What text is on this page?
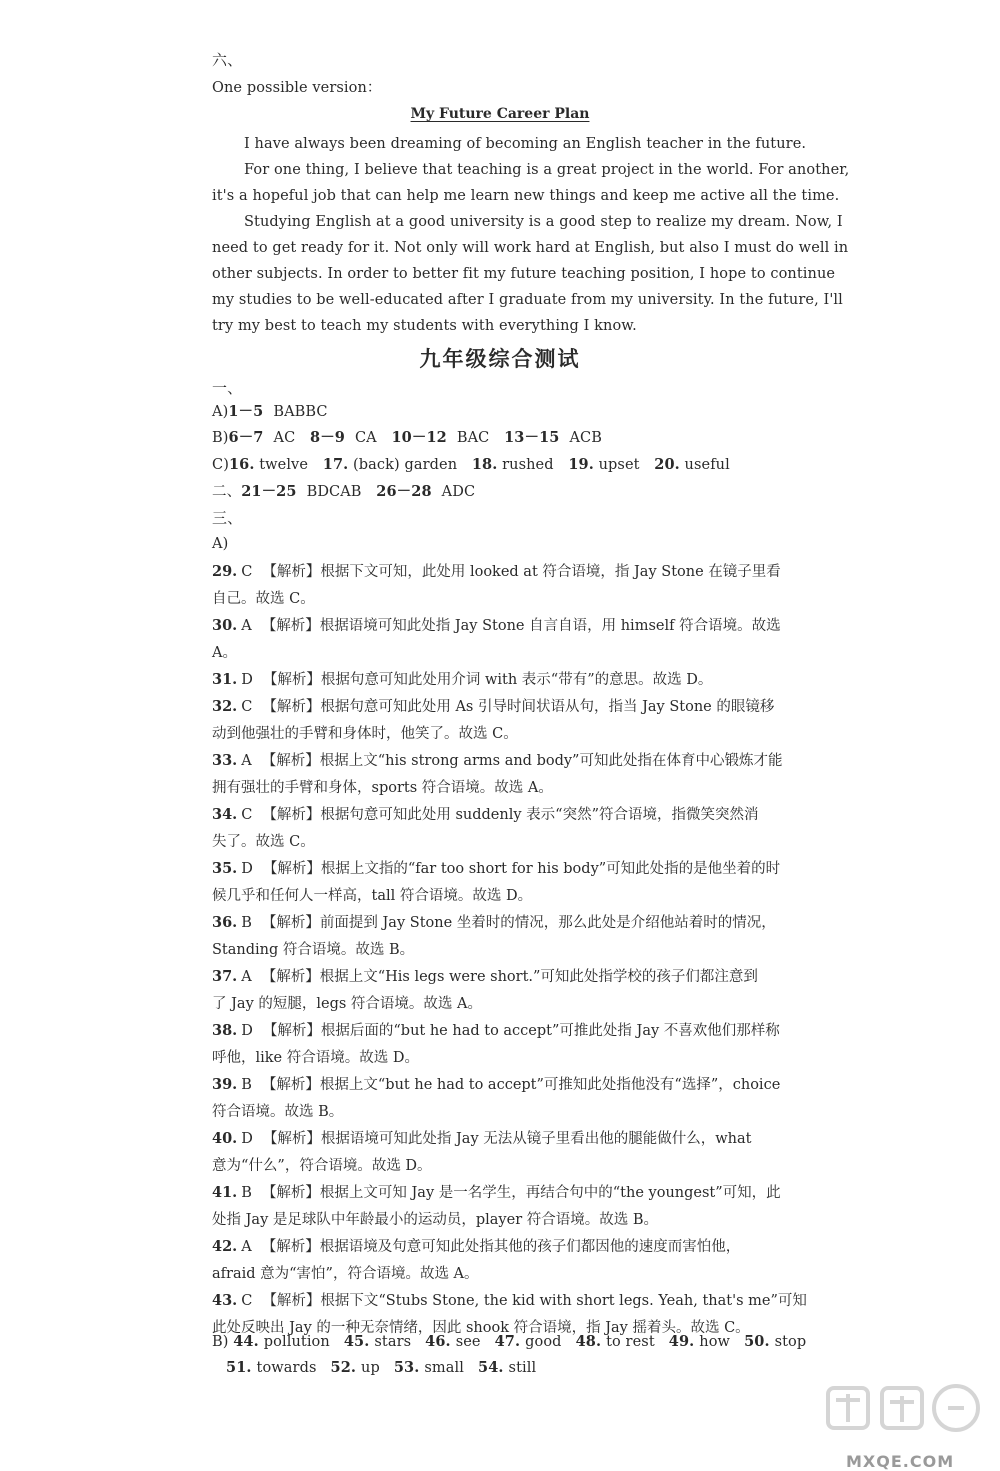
六、
One possible version：
My Future Career Plan
I have always been dreaming of becoming an English teacher in the future.
For one thing, I believe that teaching is a great project in the world. For another,
it's a hopeful job that can help me learn new things and keep me active all the time.
Studying English at a good university is a good step to realize my dream. Now, I
need to get ready for it. Not only will work hard at English, but also I must do well in
other subjects. In order to better fit my future teaching position, I hope to continue
my studies to be well-educated after I graduate from my university. In the future, I'll
try my best to teach my students with everything I know.
九年级综合测试
一、
A)1－5 BABBC
B)6－7 AC 8－9 CA 10－12 BAC 13－15 ACB
C)16. twelve 17. (back) garden 18. rushed 19. upset 20. useful
二、21－25 BDCAB 26－28 ADC
三、
A)
29. C 【解析】根据下文可知，此处用 looked at 符合语境，指 Jay Stone 在镜子里看
自己。故选 C。
30. A 【解析】根据语境可知此处指 Jay Stone 自言自语，用 himself 符合语境。故选
A。
31. D 【解析】根据句意可知此处用介词 with 表示“带有”的意思。故选 D。
32. C 【解析】根据句意可知此处用 As 引导时间状语从句，指当 Jay Stone 的眼镜移
动到他强壮的手臂和身体时，他笑了。故选 C。
33. A 【解析】根据上文“his strong arms and body”可知此处指在体育中心锻炼才能
拥有强壮的手臂和身体，sports 符合语境。故选 A。
34. C 【解析】根据句意可知此处用 suddenly 表示“突然”符合语境，指微笑突然消
失了。故选 C。
35. D 【解析】根据上文指的“far too short for his body”可知此处指的是他坐着的时
候几乎和任何人一样高，tall 符合语境。故选 D。
36. B 【解析】前面提到 Jay Stone 坐着时的情况，那么此处是介绍他站着时的情况，
Standing 符合语境。故选 B。
37. A 【解析】根据上文“His legs were short.”可知此处指学校的孩子们都注意到
了 Jay 的短腿，legs 符合语境。故选 A。
38. D 【解析】根据后面的“but he had to accept”可推此处指 Jay 不喜欢他们那样称
呼他，like 符合语境。故选 D。
39. B 【解析】根据上文“but he had to accept”可推知此处指他没有“选择”，choice
符合语境。故选 B。
40. D 【解析】根据语境可知此处指 Jay 无法从镜子里看出他的腿能做什么，what
意为“什么”，符合语境。故选 D。
41. B 【解析】根据上文可知 Jay 是一名学生，再结合句中的“the youngest”可知，此
处指 Jay 是足球队中年龄最小的运动员，player 符合语境。故选 B。
42. A 【解析】根据语境及句意可知此处指其他的孩子们都因他的速度而害怕他，
afraid 意为“害怕”，符合语境。故选 A。
43. C 【解析】根据下文“Stubs Stone, the kid with short legs. Yeah, that's me”可知
此处反映出 Jay 的一种无奈情绪，因此 shook 符合语境，指 Jay 摇着头。故选 C。
B) 44. pollution 45. stars 46. see 47. good 48. to rest 49. how 50. stop
51. towards 52. up 53. small 54. still
MXQE.COM
